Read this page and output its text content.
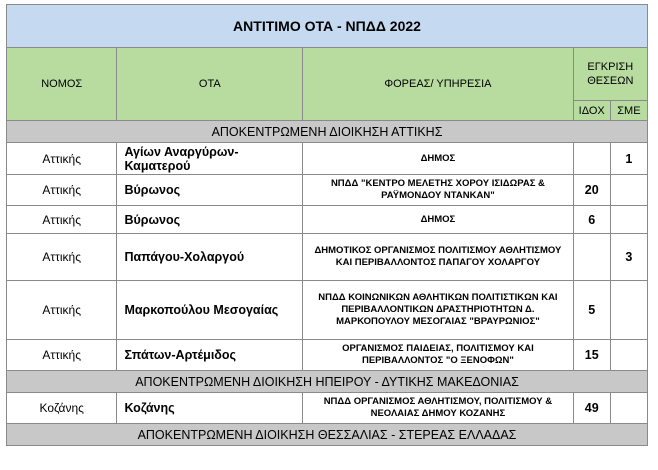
ΑΝΤΙΤΙΜΟ ΟΤΑ - ΝΠΔΔ 2022				
ΝΟΜΟΣ	ΟΤΑ	ΦΟΡΕΑΣ/ ΥΠΗΡΕΣΙΑ	ΕΓΚΡΙΣΗ ΘΕΣΕΩΝ	
			ΙΔΟΧ	ΣΜΕ
ΑΠΟΚΕΝΤΡΩΜΕΝΗ ΔΙΟΙΚΗΣΗ ΑΤΤΙΚΗΣ				
Αττικής	Αγίων Αναργύρων-Καματερού	ΔΗΜΟΣ		1
Αττικής	Βύρωνος	ΝΠΔΔ "ΚΕΝΤΡΟ ΜΕΛΕΤΗΣ ΧΟΡΟΥ ΙΣΙΔΩΡΑΣ & ΡΑΫΜΟΝΔΟΥ ΝΤΑΝΚΑΝ"	20	
Αττικής	Βύρωνος	ΔΗΜΟΣ	6	
Αττικής	Παπάγου-Χολαργού	ΔΗΜΟΤΙΚΟΣ ΟΡΓΑΝΙΣΜΟΣ ΠΟΛΙΤΙΣΜΟΥ ΑΘΛΗΤΙΣΜΟΥ ΚΑΙ ΠΕΡΙΒΑΛΛΟΝΤΟΣ ΠΑΠΑΓΟΥ ΧΟΛΑΡΓΟΥ		3
Αττικής	Μαρκοπούλου Μεσογαίας	ΝΠΔΔ ΚΟΙΝΩΝΙΚΩΝ ΑΘΛΗΤΙΚΩΝ ΠΟΛΙΤΙΣΤΙΚΩΝ ΚΑΙ ΠΕΡΙΒΑΛΛΟΝΤΙΚΩΝ ΔΡΑΣΤΗΡΙΟΤΗΤΩΝ Δ. ΜΑΡΚΟΠΟΥΛΟΥ ΜΕΣΟΓΑΙΑΣ "ΒΡΑΥΡΩΝΙΟΣ"	5	
Αττικής	Σπάτων-Αρτέμιδος	ΟΡΓΑΝΙΣΜΟΣ ΠΑΙΔΕΙΑΣ, ΠΟΛΙΤΙΣΜΟΥ ΚΑΙ ΠΕΡΙΒΑΛΛΟΝΤΟΣ "Ο ΞΕΝΟΦΩΝ"	15	
ΑΠΟΚΕΝΤΡΩΜΕΝΗ ΔΙΟΙΚΗΣΗ ΗΠΕΙΡΟΥ - ΔΥΤΙΚΗΣ ΜΑΚΕΔΟΝΙΑΣ				
Κοζάνης	Κοζάνης	ΝΠΔΔ ΟΡΓΑΝΙΣΜΟΣ ΑΘΛΗΤΙΣΜΟΥ, ΠΟΛΙΤΙΣΜΟΥ & ΝΕΟΛΑΙΑΣ ΔΗΜΟΥ ΚΟΖΑΝΗΣ	49	
ΑΠΟΚΕΝΤΡΩΜΕΝΗ ΔΙΟΙΚΗΣΗ ΘΕΣΣΑΛΙΑΣ - ΣΤΕΡΕΑΣ ΕΛΛΑΔΑΣ				
